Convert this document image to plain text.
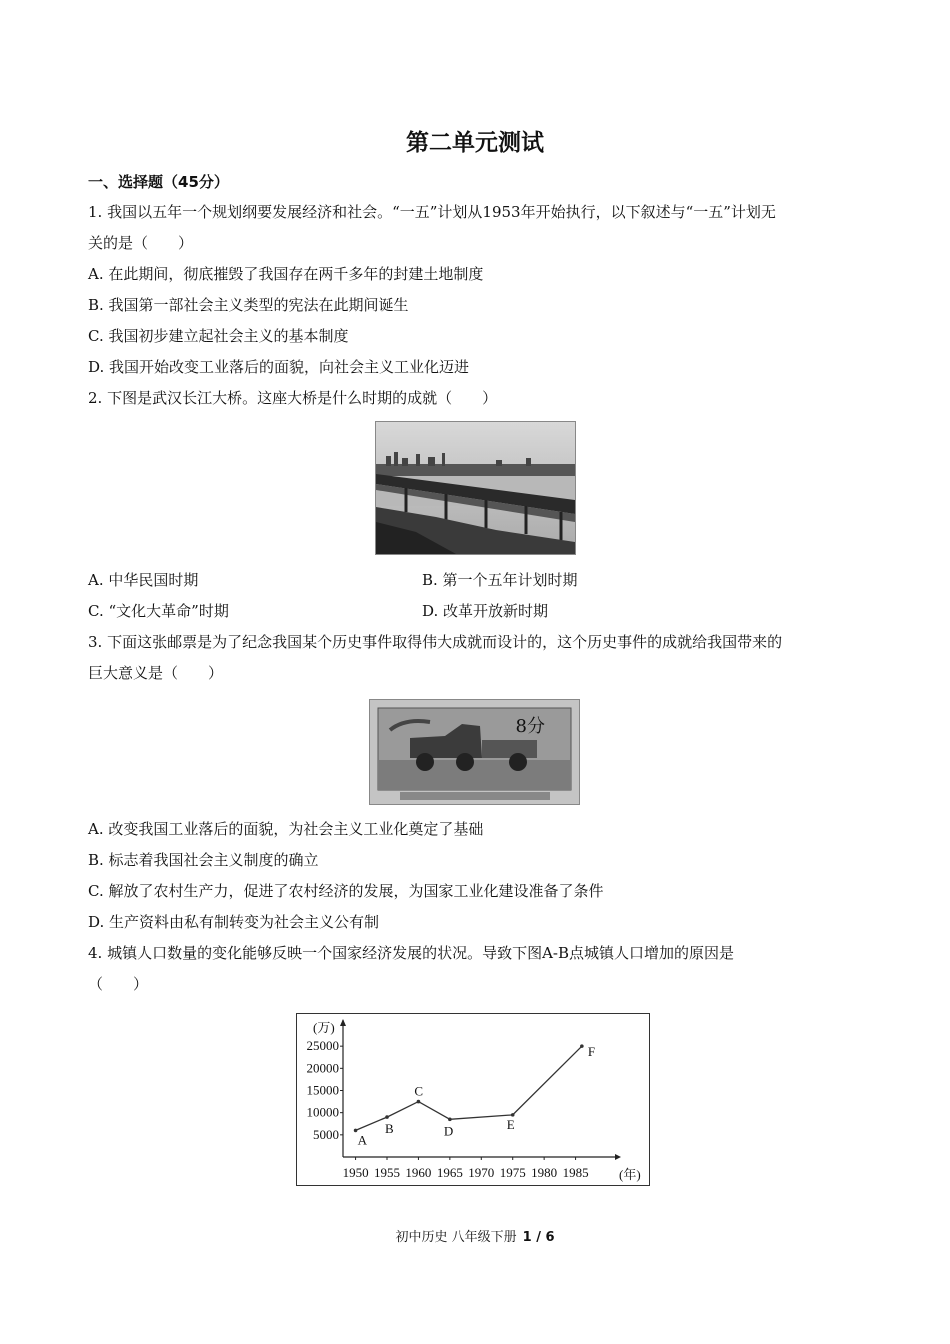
第二单元测试
一、选择题（45分）
1. 我国以五年一个规划纲要发展经济和社会。“一五”计划从1953年开始执行，以下叙述与“一五”计划无
关的是（　　）
A. 在此期间，彻底摧毁了我国存在两千多年的封建土地制度
B. 我国第一部社会主义类型的宪法在此期间诞生
C. 我国初步建立起社会主义的基本制度
D. 我国开始改变工业落后的面貌，向社会主义工业化迈进
2. 下图是武汉长江大桥。这座大桥是什么时期的成就（　　）
A. 中华民国时期	B. 第一个五年计划时期
C. “文化大革命”时期	D. 改革开放新时期
3. 下面这张邮票是为了纪念我国某个历史事件取得伟大成就而设计的，这个历史事件的成就给我国带来的
巨大意义是（　　）
8分
A. 改变我国工业落后的面貌，为社会主义工业化奠定了基础
B. 标志着我国社会主义制度的确立
C. 解放了农村生产力，促进了农村经济的发展，为国家工业化建设准备了条件
D. 生产资料由私有制转变为社会主义公有制
4. 城镇人口数量的变化能够反映一个国家经济发展的状况。导致下图A-B点城镇人口增加的原因是
（　　）
(万)
(年)
25000
20000
15000
10000
5000
1950 1955 1960 1965 1970 1975 1980 1985
A
B
C
D	E
F
初中历史 八年级下册 1 / 6
